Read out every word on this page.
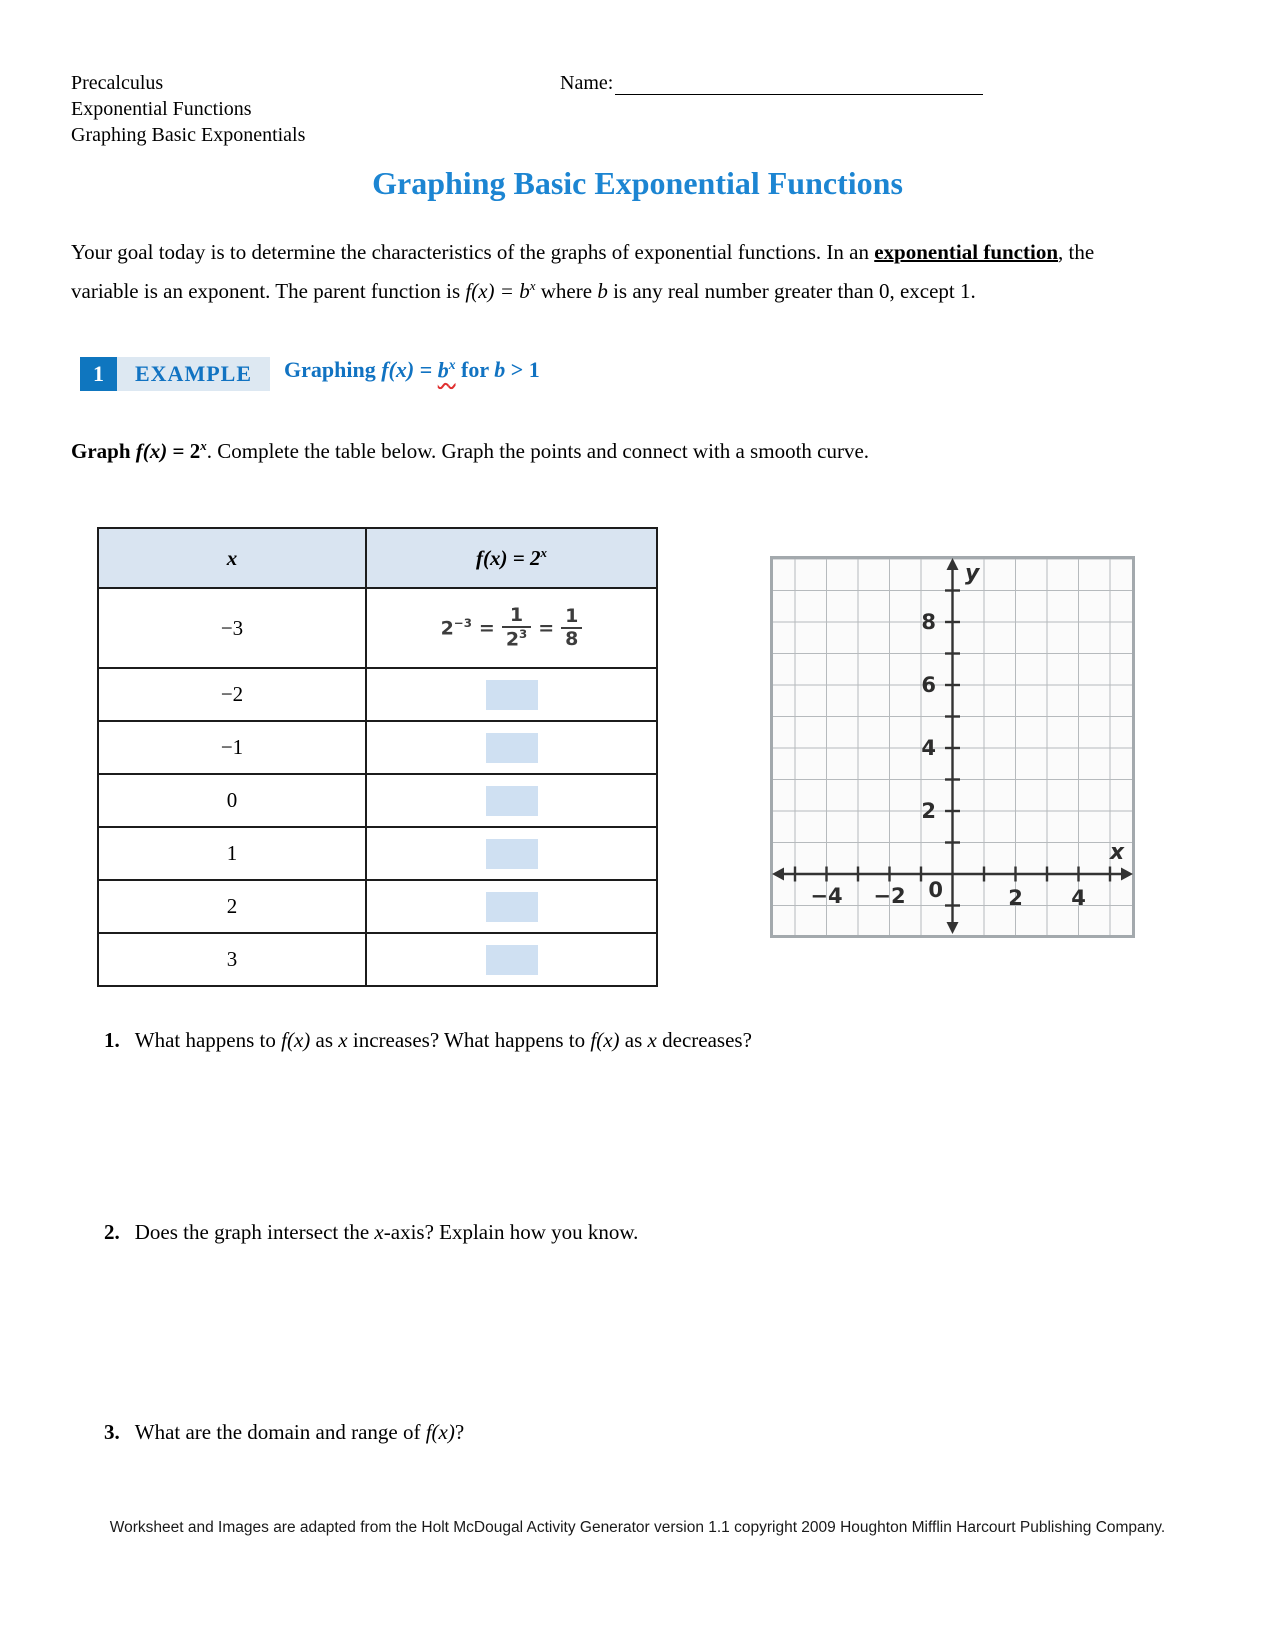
Precalculus
Exponential Functions
Graphing Basic Exponentials
Name:
Graphing Basic Exponential Functions
Your goal today is to determine the characteristics of the graphs of exponential functions. In an exponential function, the variable is an exponent. The parent function is $f(x) = b^x$ where b is any real number greater than 0, except 1.
1	EXAMPLE	Graphing $f(x) = b^x$ for b > 1
Graph $f(x) = 2^x$. Complete the table below. Graph the points and connect with a smooth curve.
x	$f(x) = 2^x$
−3	$2^{-3} = \frac{1}{2^3} = \frac{1}{8}$

−2	

−1	

0	

1	

2	

3	
8
6
4
2
−4 −2	2 4
0
y
x
1. What happens to f(x) as x increases? What happens to f(x) as x decreases?
2. Does the graph intersect the x-axis? Explain how you know.
3. What are the domain and range of f(x)?
Worksheet and Images are adapted from the Holt McDougal Activity Generator version 1.1 copyright 2009 Houghton Mifflin Harcourt Publishing Company.
